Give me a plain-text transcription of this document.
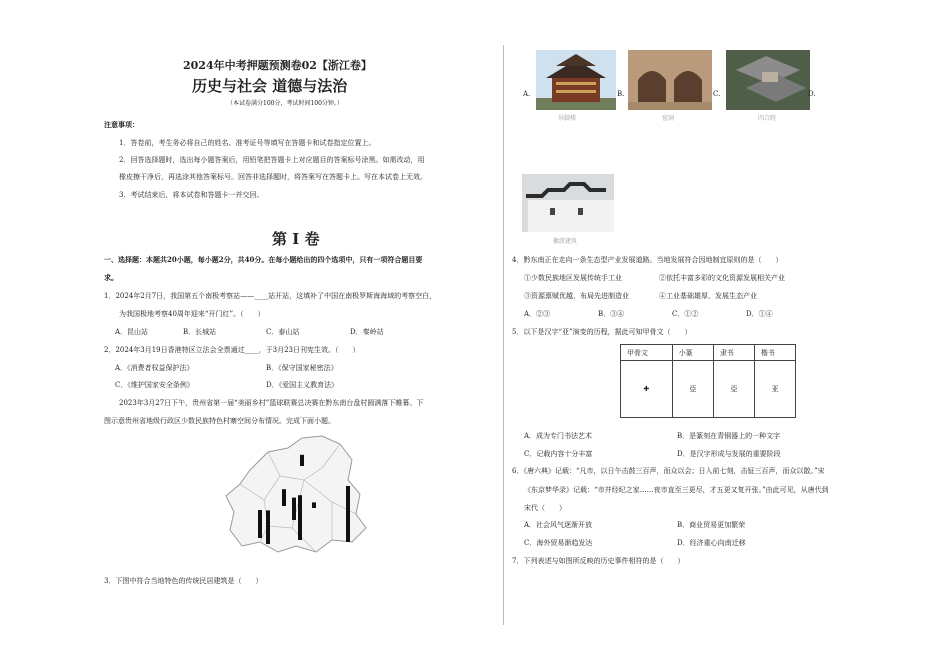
2024年中考押题预测卷02【浙江卷】
历史与社会 道德与法治
（本试卷满分100分，考试时间100分钟。）
注意事项：
1．答卷前，考生务必将自己的姓名、准考证号等填写在答题卡和试卷指定位置上。
2．回答选择题时，选出每小题答案后，用铅笔把答题卡上对应题目的答案标号涂黑。如需改动，用
橡皮擦干净后，再选涂其他答案标号。回答非选择题时，将答案写在答题卡上。写在本试卷上无效。
3．考试结束后，将本试卷和答题卡一并交回。
第 I 卷
一、选择题：本题共20小题，每小题2分，共40分。在每小题给出的四个选项中，只有一项符合题目要
求。
1．2024年2月7日，我国第五个南极考察站——____站开站，这填补了中国在南极罗斯海海域的考察空白，
为我国极地考察40周年迎来“开门红”。（　　）
A．昆山站	B．长城站	C．泰山站	D．秦岭站
2．2024年3月19日香港特区立法会全票通过____，于3月23日刊宪生效。（　　）
A．《消费者权益保护法》	B．《保守国家秘密法》
C．《维护国家安全条例》	D．《爱国主义教育法》
2023年3月27日下午，贵州省第一届“美丽乡村”篮球联赛总决赛在黔东南台盘村圆满落下帷幕。下
图示意贵州省地级行政区少数民族特色村寨空间分布情况。完成下面小题。
3．下图中符合当地特色的传统民居建筑是（　　）
A.
吊脚楼
B.
窑洞
C.
四合院
D.
徽派建筑
4．黔东南正在走向一条生态型产业发展道路。当地发展符合因地制宜原则的是（　　）
①少数民族地区发展传统手工业	②依托丰富多彩的文化资源发展相关产业
③资源禀赋优越，布局先进制造业	④工业基础雄厚，发展生态产业
A．②③	B．③④	C．①②	D．①④
5．以下是汉字“亚”演变的历程，据此可知甲骨文（　　）
甲骨文	小篆	隶书	楷书
✚	亞	亞	亚
A．成为专门书法艺术	B．是篆刻在青铜器上的一种文字
C．记载内容十分丰富	D．是汉字形成与发展的重要阶段
6．《唐六典》记载：“凡市，以日午击鼓三百声，而众以会；日入前七刻，击钲三百声，而众以散。”宋
《东京梦华录》记载：“市井经纪之家……夜市直至三更尽，才五更又复开张。”由此可见，从唐代到
宋代（　　）
A．社会风气逐渐开放	B．商业贸易更加繁荣
C．海外贸易渐趋发达	D．经济重心向南迁移
7．下列表述与如图所反映的历史事件相符的是（　　）
